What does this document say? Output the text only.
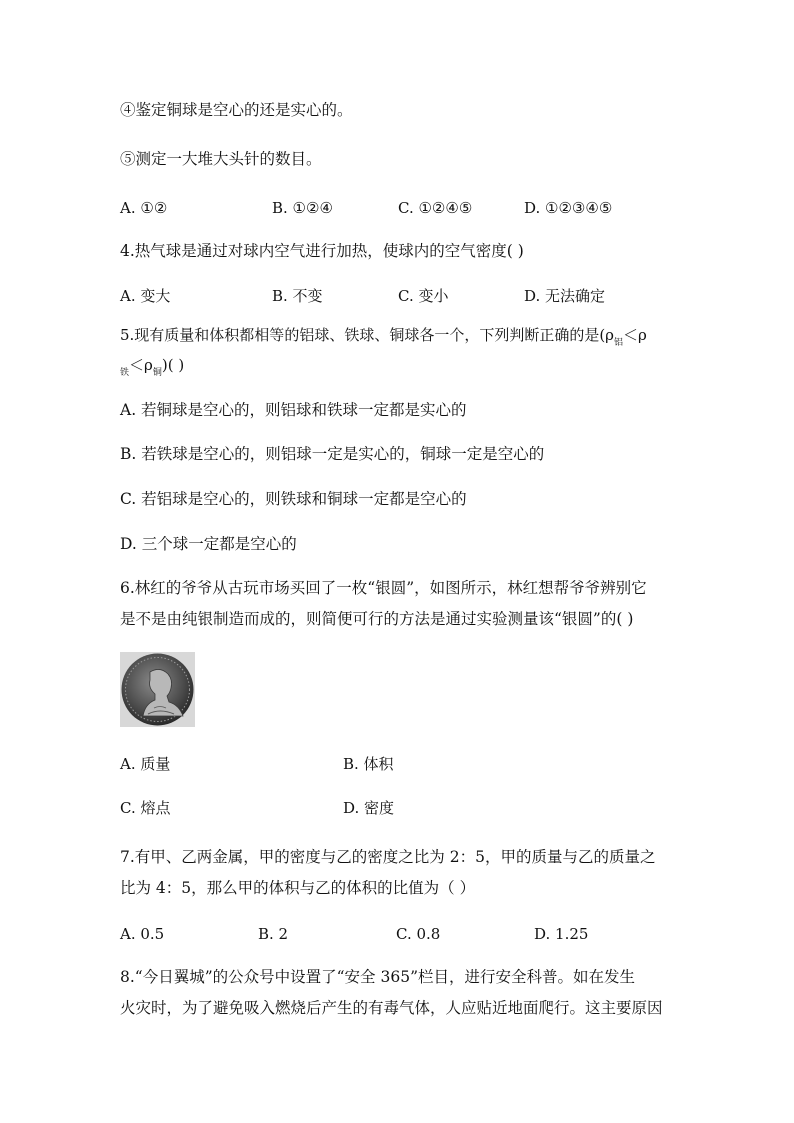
④鉴定铜球是空心的还是实心的。
⑤测定一大堆大头针的数目。
A. ①②	B. ①②④	C. ①②④⑤	D. ①②③④⑤
4.热气球是通过对球内空气进行加热，使球内的空气密度( )
A. 变大	B. 不变	C. 变小	D. 无法确定
5.现有质量和体积都相等的铝球、铁球、铜球各一个，下列判断正确的是($\rho_铝<\rho$
$_铁<\rho_铜$)( )
A. 若铜球是空心的，则铝球和铁球一定都是实心的
B. 若铁球是空心的，则铝球一定是实心的，铜球一定是空心的
C. 若铝球是空心的，则铁球和铜球一定都是空心的
D. 三个球一定都是空心的
6.林红的爷爷从古玩市场买回了一枚“银圆”，如图所示，林红想帮爷爷辨别它
是不是由纯银制造而成的，则简便可行的方法是通过实验测量该“银圆”的( )
A. 质量	B. 体积
C. 熔点	D. 密度
7.有甲、乙两金属，甲的密度与乙的密度之比为 2：5，甲的质量与乙的质量之
比为 4：5，那么甲的体积与乙的体积的比值为（ ）
A. 0.5	B. 2	C. 0.8	D. 1.25
8.“今日翼城”的公众号中设置了“安全 365”栏目，进行安全科普。如在发生
火灾时，为了避免吸入燃烧后产生的有毒气体，人应贴近地面爬行。这主要原因
